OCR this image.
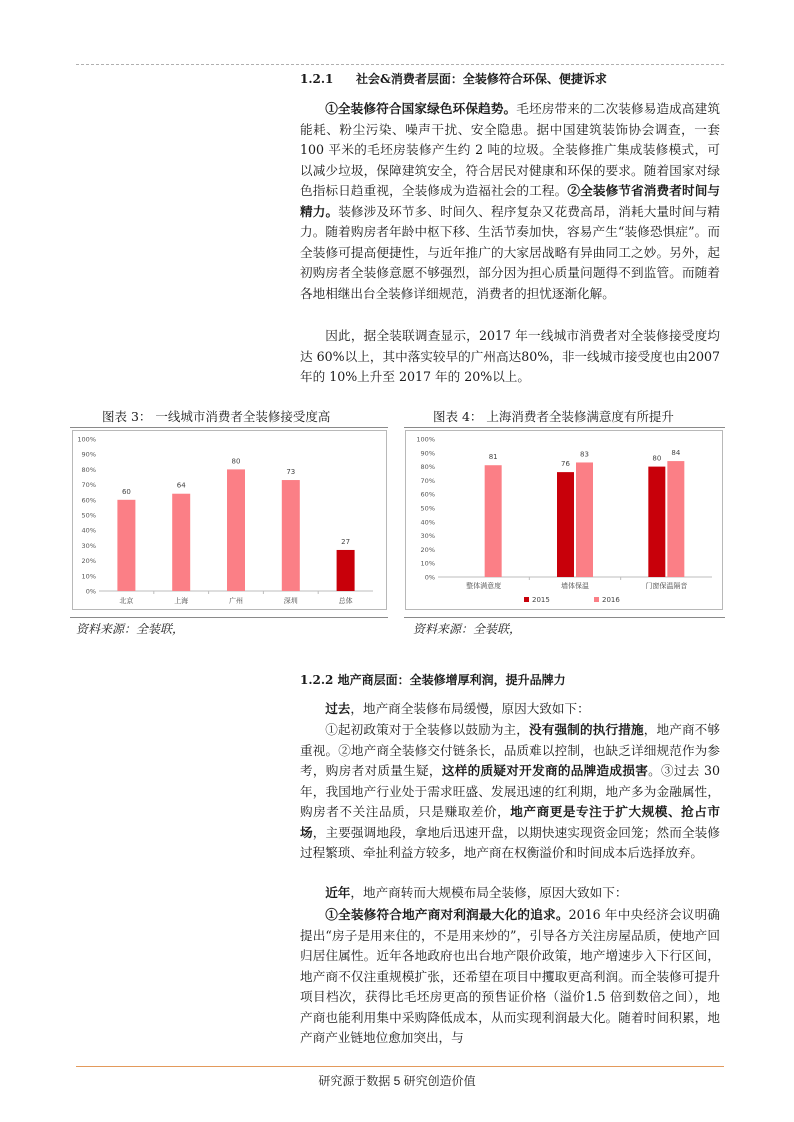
1.2.1 社会&消费者层面：全装修符合环保、便捷诉求
①全装修符合国家绿色环保趋势。毛坯房带来的二次装修易造成高建筑能耗、粉尘污染、噪声干扰、安全隐患。据中国建筑装饰协会调查，一套 100 平米的毛坯房装修产生约 2 吨的垃圾。全装修推广集成装修模式，可以减少垃圾，保障建筑安全，符合居民对健康和环保的要求。随着国家对绿色指标日趋重视，全装修成为造福社会的工程。②全装修节省消费者时间与精力。装修涉及环节多、时间久、程序复杂又花费高昂，消耗大量时间与精力。随着购房者年龄中枢下移、生活节奏加快，容易产生“装修恐惧症”。而全装修可提高便捷性，与近年推广的大家居战略有异曲同工之妙。另外，起初购房者全装修意愿不够强烈，部分因为担心质量问题得不到监管。而随着各地相继出台全装修详细规范，消费者的担忧逐渐化解。
因此，据全装联调查显示，2017 年一线城市消费者对全装修接受度均达 60%以上，其中落实较早的广州高达80%，非一线城市接受度也由2007 年的 10%上升至 2017 年的 20%以上。
图表 3： 一线城市消费者全装修接受度高
0%
10%
20%
30%
40%
50%
60%
70%
80%
90%
100%
60
北京
64
上海
80
广州
73
深圳
27
总体
资料来源：全装联，
图表 4： 上海消费者全装修满意度有所提升
0%
10%
20%
30%
40%
50%
60%
70%
80%
90%
100%
81
整体满意度
76
83
墙体保温
80
84
门窗保温隔音
2015	2016
资料来源：全装联，
1.2.2 地产商层面：全装修增厚利润，提升品牌力
过去，地产商全装修布局缓慢，原因大致如下：
①起初政策对于全装修以鼓励为主，没有强制的执行措施，地产商不够重视。②地产商全装修交付链条长，品质难以控制，也缺乏详细规范作为参考，购房者对质量生疑，这样的质疑对开发商的品牌造成损害。③过去 30 年，我国地产行业处于需求旺盛、发展迅速的红利期，地产多为金融属性，购房者不关注品质，只是赚取差价，地产商更是专注于扩大规模、抢占市场，主要强调地段，拿地后迅速开盘，以期快速实现资金回笼；然而全装修过程繁琐、牵扯利益方较多，地产商在权衡溢价和时间成本后选择放弃。
近年，地产商转而大规模布局全装修，原因大致如下：
①全装修符合地产商对利润最大化的追求。2016 年中央经济会议明确提出“房子是用来住的，不是用来炒的”，引导各方关注房屋品质，使地产回归居住属性。近年各地政府也出台地产限价政策，地产增速步入下行区间，地产商不仅注重规模扩张，还希望在项目中攫取更高利润。而全装修可提升项目档次，获得比毛坯房更高的预售证价格（溢价1.5 倍到数倍之间），地产商也能利用集中采购降低成本，从而实现利润最大化。随着时间积累，地产商产业链地位愈加突出，与
研究源于数据 5 研究创造价值
